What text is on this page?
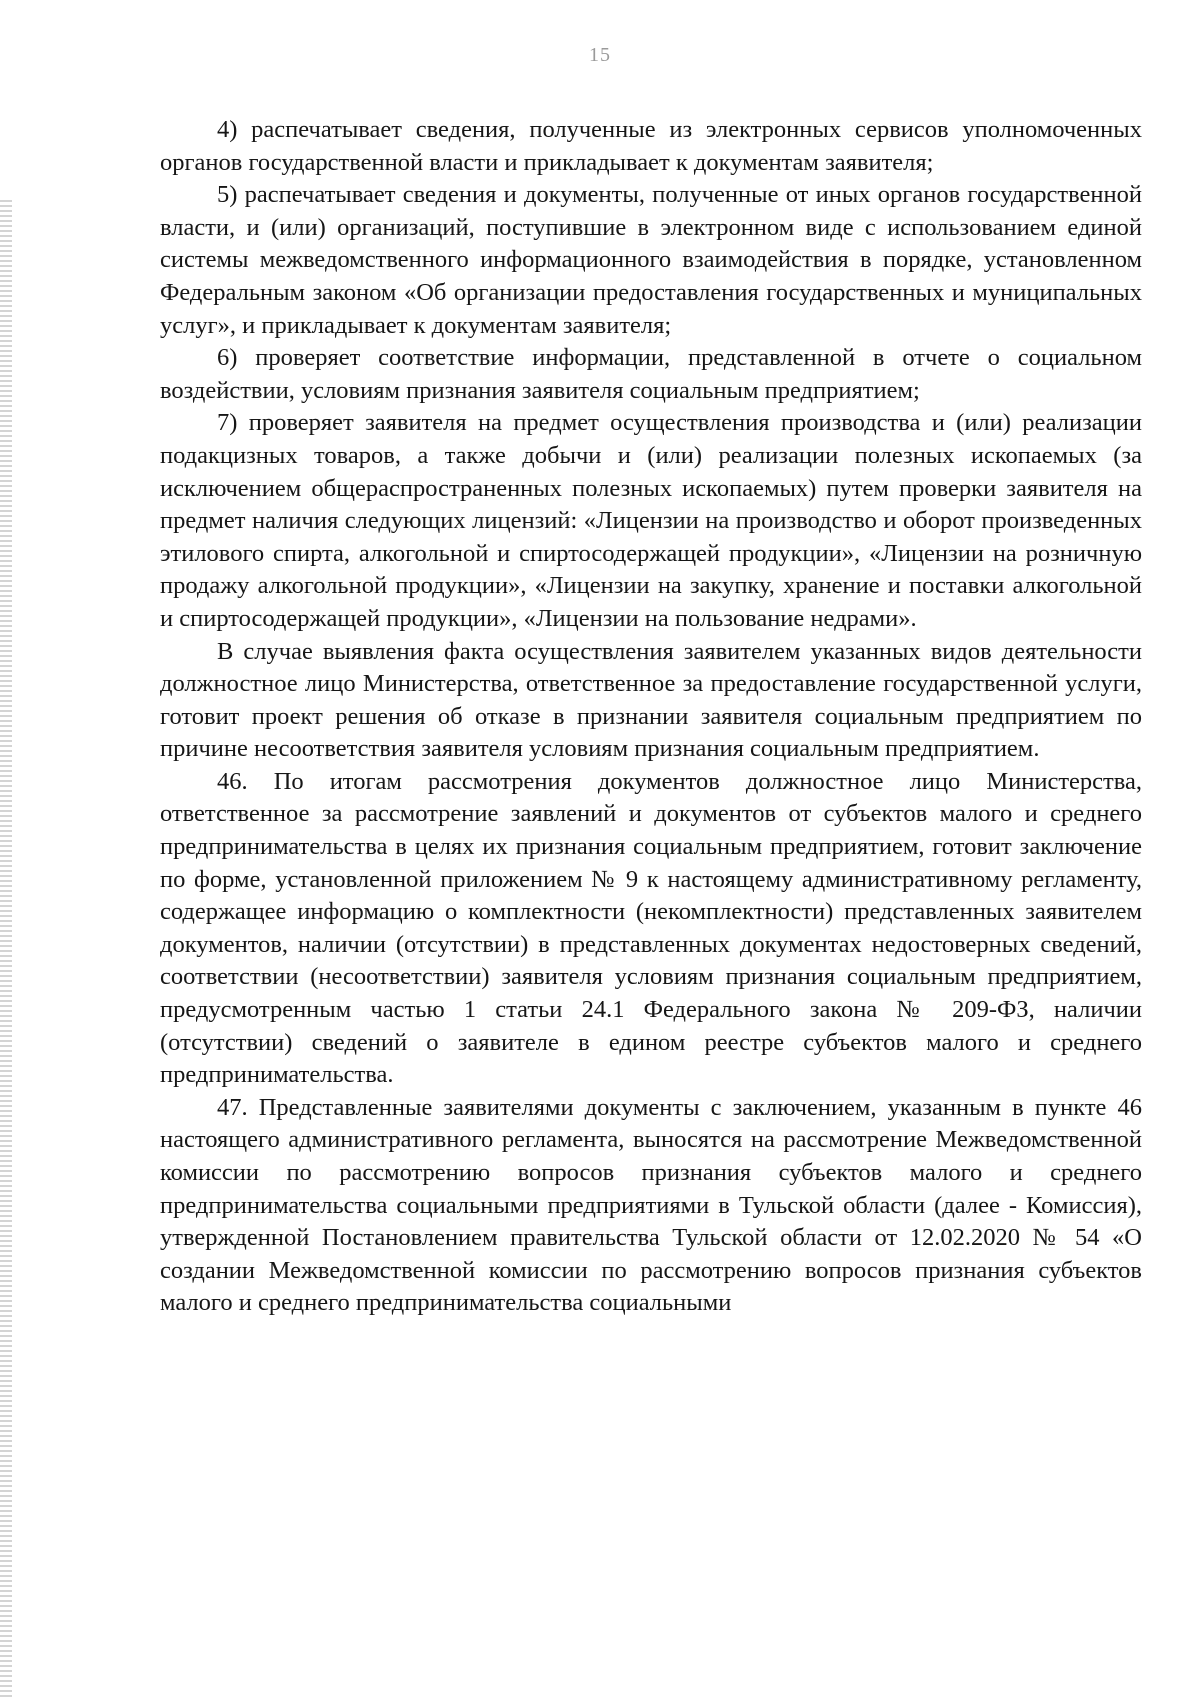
15

4) распечатывает сведения, полученные из электронных сервисов уполномоченных органов государственной власти и прикладывает к документам заявителя;

5) распечатывает сведения и документы, полученные от иных органов государственной власти, и (или) организаций, поступившие в электронном виде с использованием единой системы межведомственного информационного взаимодействия в порядке, установленном Федеральным законом «Об организации предоставления государственных и муниципальных услуг», и прикладывает к документам заявителя;

6) проверяет соответствие информации, представленной в отчете о социальном воздействии, условиям признания заявителя социальным предприятием;

7) проверяет заявителя на предмет осуществления производства и (или) реализации подакцизных товаров, а также добычи и (или) реализации полезных ископаемых (за исключением общераспространенных полезных ископаемых) путем проверки заявителя на предмет наличия следующих лицензий: «Лицензии на производство и оборот произведенных этилового спирта, алкогольной и спиртосодержащей продукции», «Лицензии на розничную продажу алкогольной продукции», «Лицензии на закупку, хранение и поставки алкогольной и спиртосодержащей продукции», «Лицензии на пользование недрами».

В случае выявления факта осуществления заявителем указанных видов деятельности должностное лицо Министерства, ответственное за предоставление государственной услуги, готовит проект решения об отказе в признании заявителя социальным предприятием по причине несоответствия заявителя условиям признания социальным предприятием.

46. По итогам рассмотрения документов должностное лицо Министерства, ответственное за рассмотрение заявлений и документов от субъектов малого и среднего предпринимательства в целях их признания социальным предприятием, готовит заключение по форме, установленной приложением № 9 к настоящему административному регламенту, содержащее информацию о комплектности (некомплектности) представленных заявителем документов, наличии (отсутствии) в представленных документах недостоверных сведений, соответствии (несоответствии) заявителя условиям признания социальным предприятием, предусмотренным частью 1 статьи 24.1 Федерального закона № 209-ФЗ, наличии (отсутствии) сведений о заявителе в едином реестре субъектов малого и среднего предпринимательства.

47. Представленные заявителями документы с заключением, указанным в пункте 46 настоящего административного регламента, выносятся на рассмотрение Межведомственной комиссии по рассмотрению вопросов признания субъектов малого и среднего предпринимательства социальными предприятиями в Тульской области (далее - Комиссия), утвержденной Постановлением правительства Тульской области от 12.02.2020 № 54 «О создании Межведомственной комиссии по рассмотрению вопросов признания субъектов малого и среднего предпринимательства социальными
